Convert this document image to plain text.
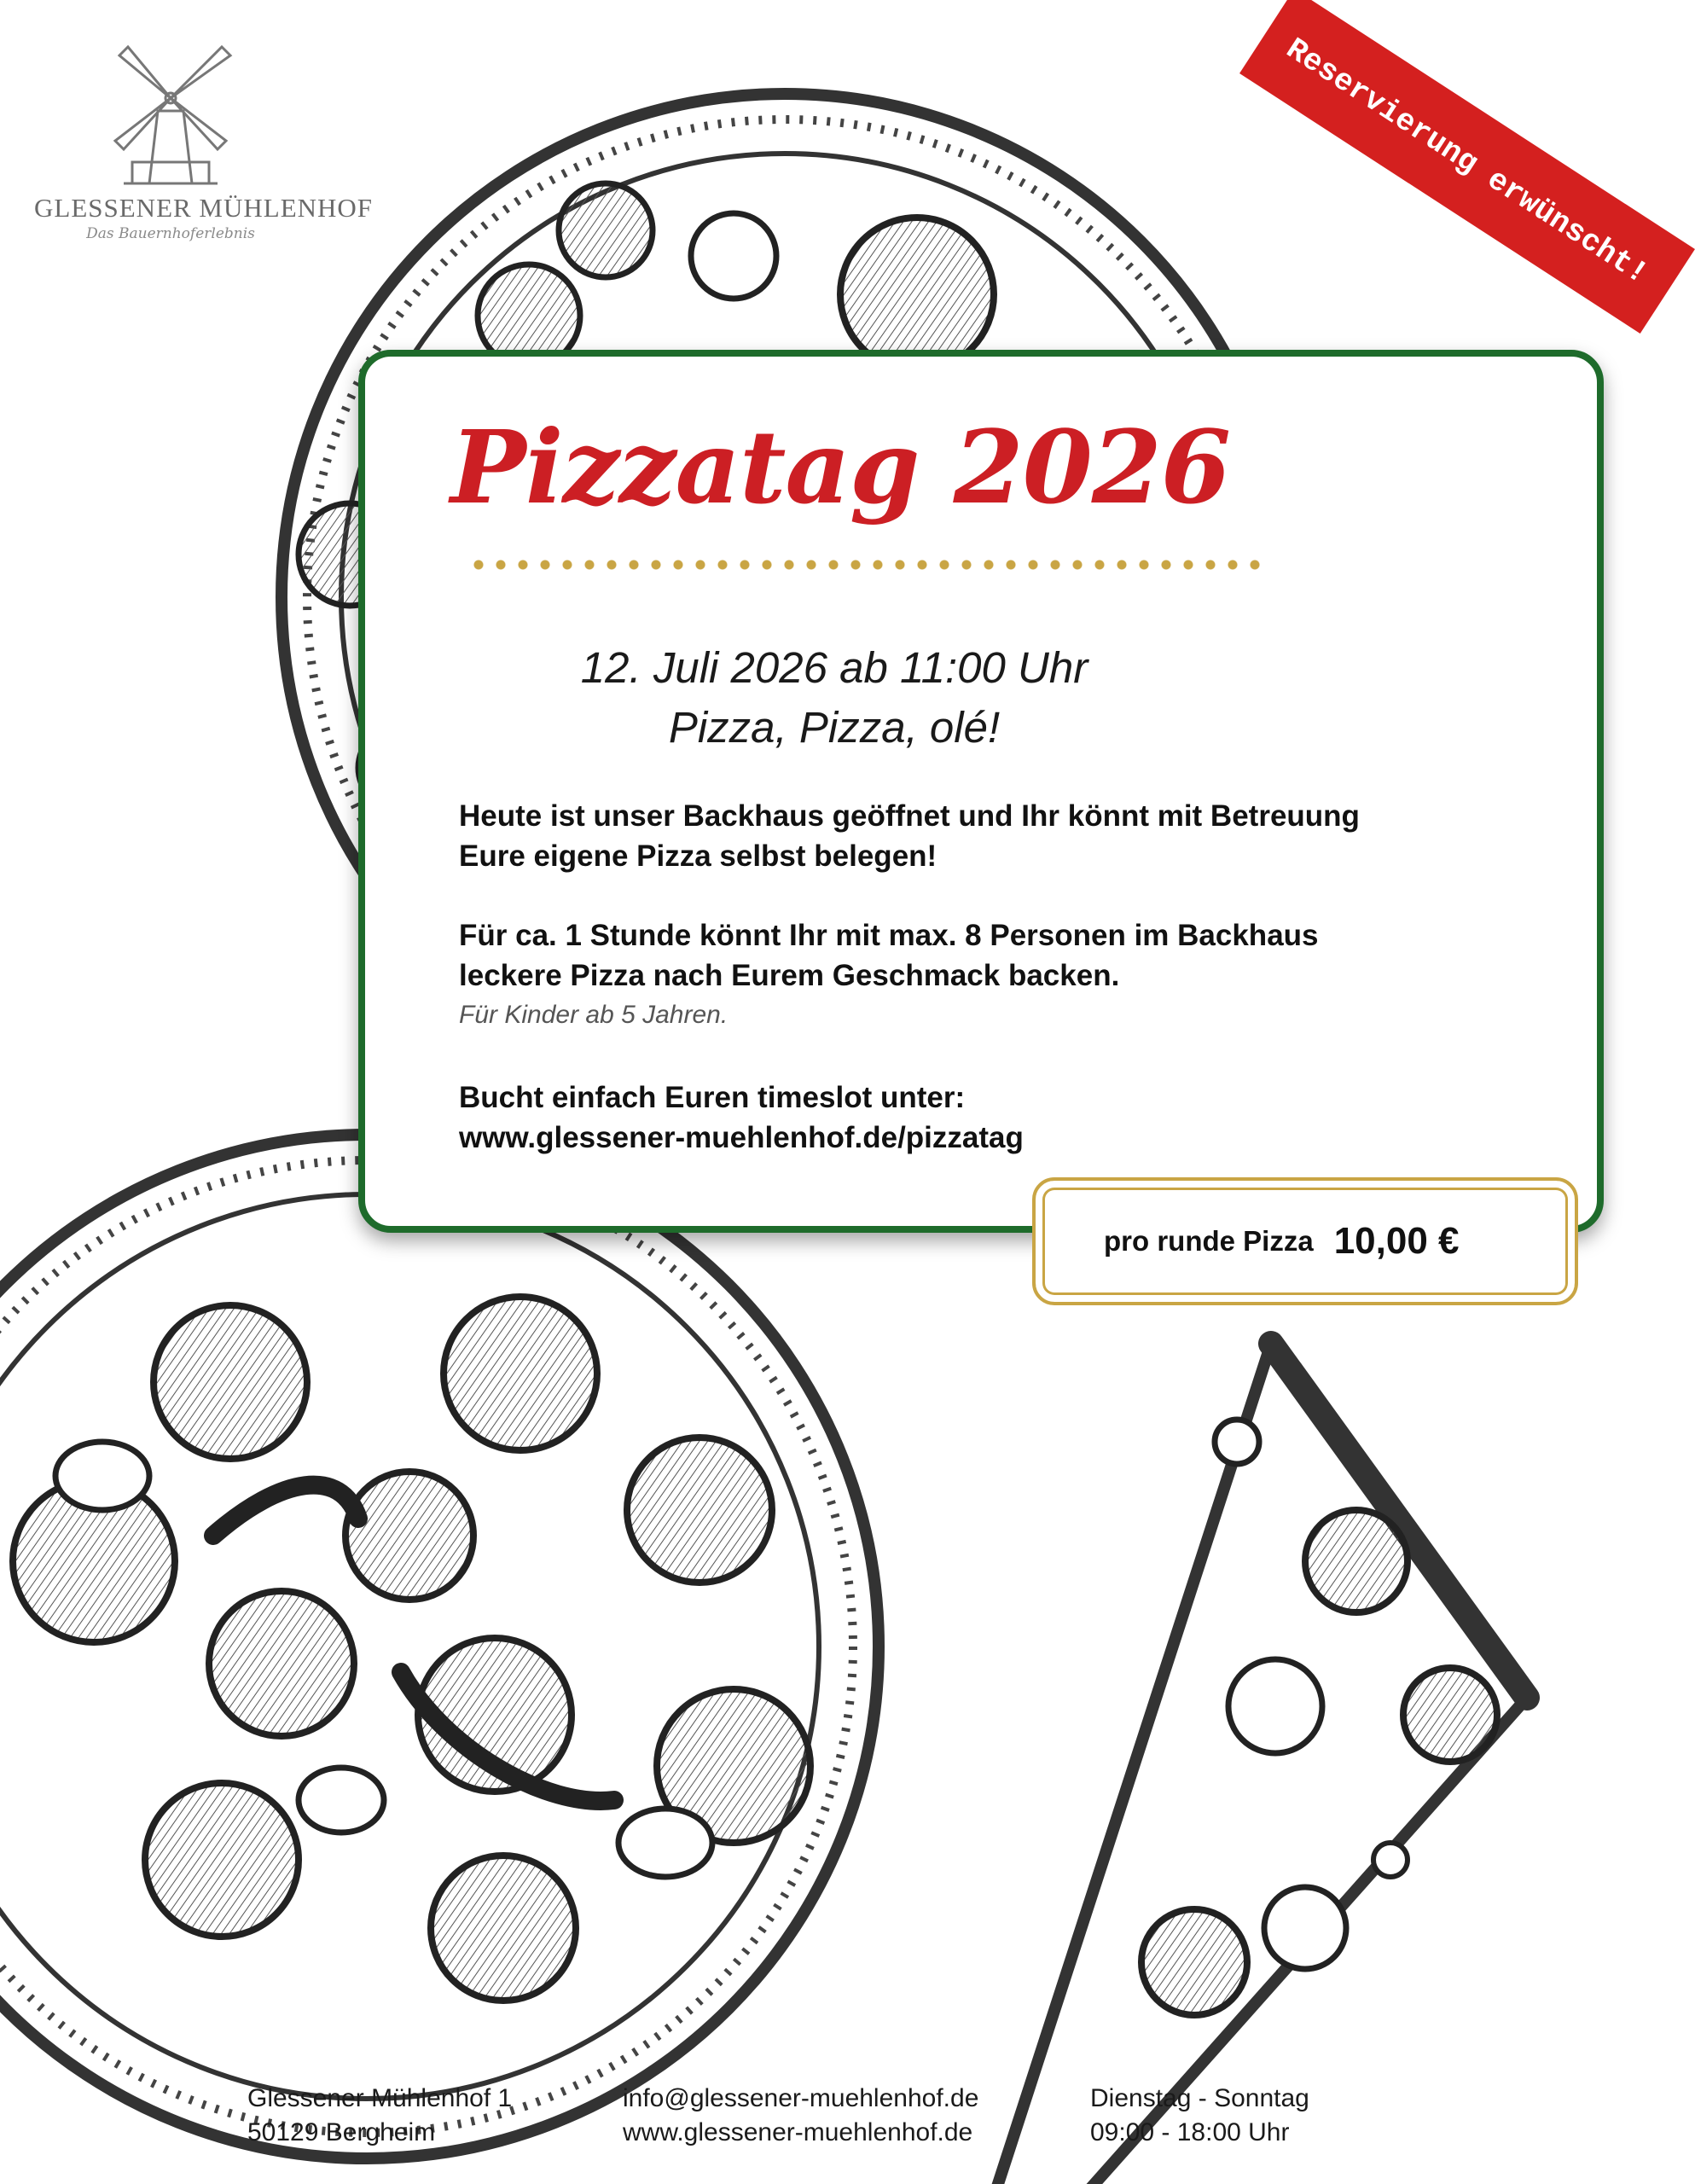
GLESSENER MÜHLENHOF
Das Bauernhoferlebnis	Reservierung erwünscht!
Pizzatag 2026
12. Juli 2026 ab 11:00 Uhr
Pizza, Pizza, olé!
Heute ist unser Backhaus geöffnet und Ihr könnt mit Betreuung
Eure eigene Pizza selbst belegen!
Für ca. 1 Stunde könnt Ihr mit max. 8 Personen im Backhaus
leckere Pizza nach Eurem Geschmack backen.
Für Kinder ab 5 Jahren.
Bucht einfach Euren timeslot unter:
www.glessener-muehlenhof.de/pizzatag
pro runde Pizza 10,00 €
Glessener Mühlenhof 1
50129 Bergheim
info@glessener-muehlenhof.de
www.glessener-muehlenhof.de
Dienstag - Sonntag
09:00 - 18:00 Uhr
